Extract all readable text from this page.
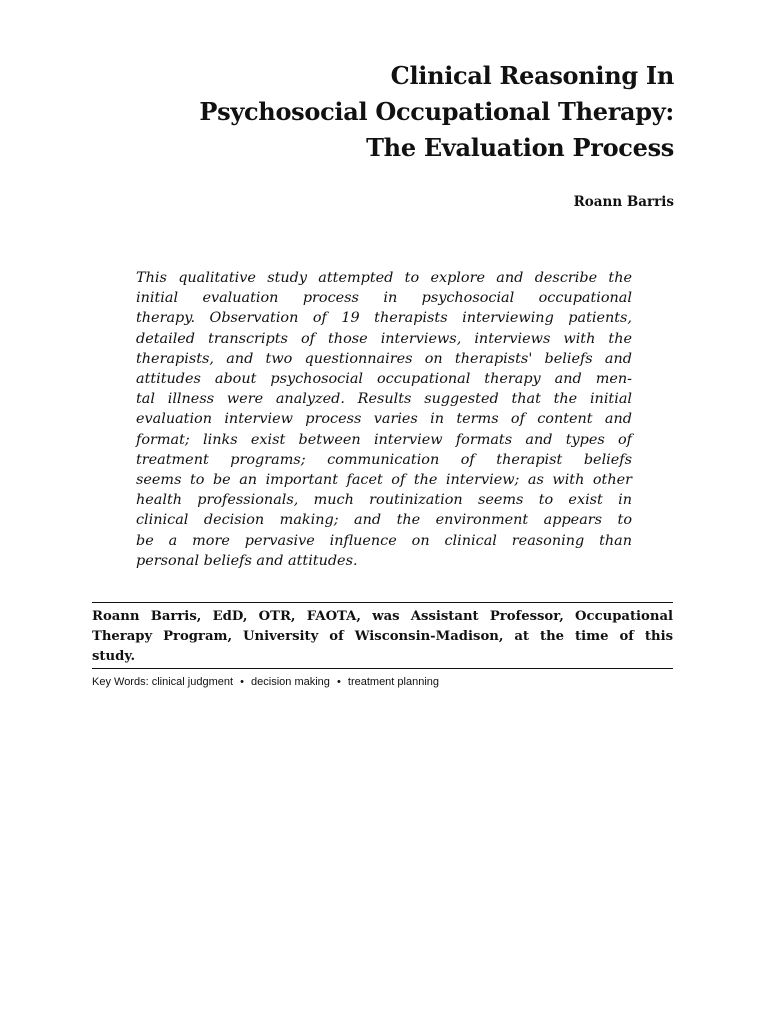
Clinical Reasoning In
Psychosocial Occupational Therapy:
The Evaluation Process
Roann Barris
This qualitative study attempted to explore and describe the
initial evaluation process in psychosocial occupational
therapy. Observation of 19 therapists interviewing patients,
detailed transcripts of those interviews, interviews with the
therapists, and two questionnaires on therapists' beliefs and
attitudes about psychosocial occupational therapy and men-
tal illness were analyzed. Results suggested that the initial
evaluation interview process varies in terms of content and
format; links exist between interview formats and types of
treatment programs; communication of therapist beliefs
seems to be an important facet of the interview; as with other
health professionals, much routinization seems to exist in
clinical decision making; and the environment appears to
be a more pervasive influence on clinical reasoning than
personal beliefs and attitudes.
Roann Barris, EdD, OTR, FAOTA, was Assistant Professor, Occupational
Therapy Program, University of Wisconsin-Madison, at the time of this
study.
Key Words: clinical judgment • decision making • treatment planning
